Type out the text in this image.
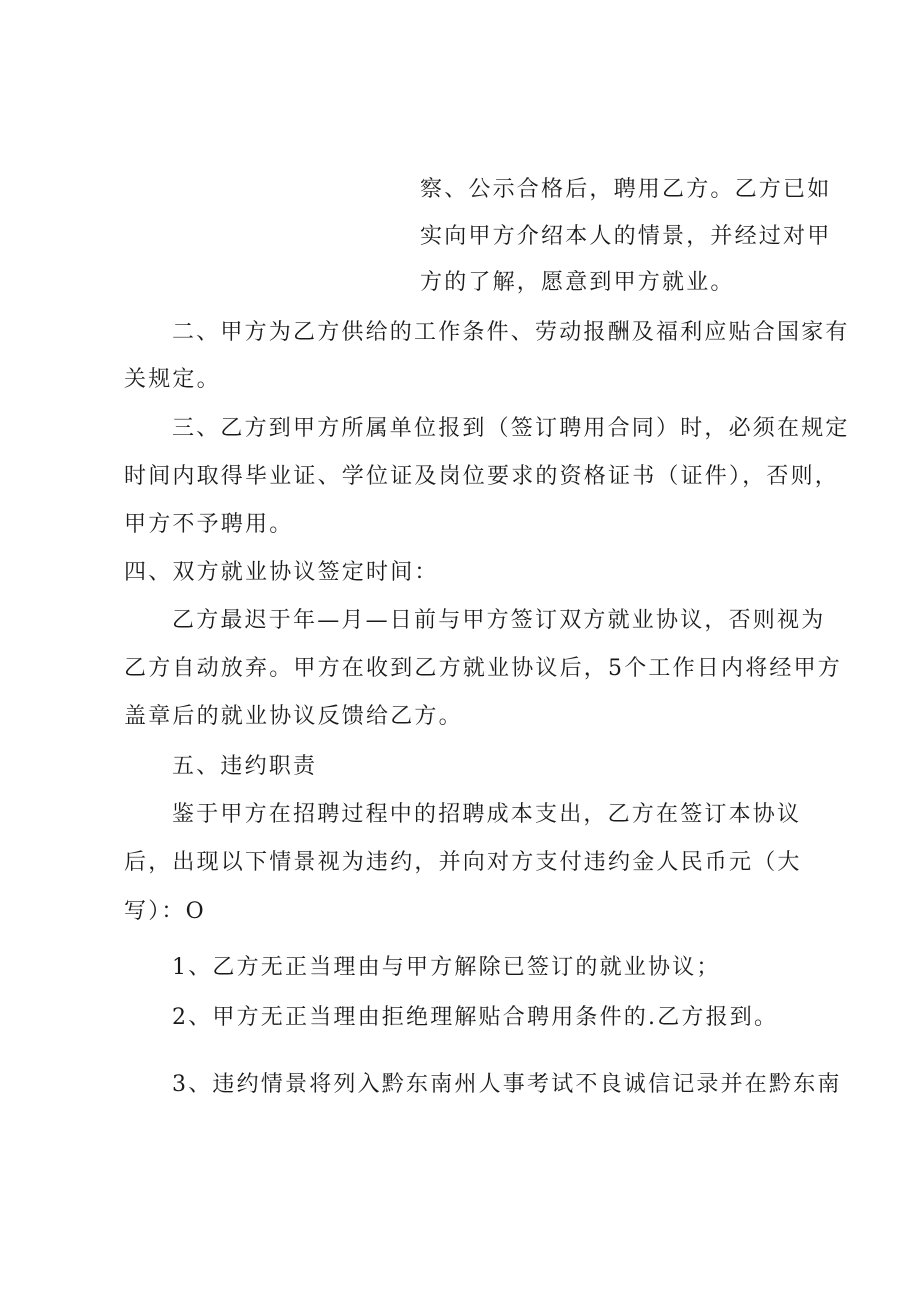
察、公示合格后，聘用乙方。乙方已如

实向甲方介绍本人的情景，并经过对甲

方的了解，愿意到甲方就业。

二、甲方为乙方供给的工作条件、劳动报酬及福利应贴合国家有

关规定。

三、乙方到甲方所属单位报到（签订聘用合同）时，必须在规定

时间内取得毕业证、学位证及岗位要求的资格证书（证件），否则，

甲方不予聘用。

四、双方就业协议签定时间：

乙方最迟于年—月—日前与甲方签订双方就业协议，否则视为

乙方自动放弃。甲方在收到乙方就业协议后，5个工作日内将经甲方

盖章后的就业协议反馈给乙方。

五、违约职责

鉴于甲方在招聘过程中的招聘成本支出，乙方在签订本协议

后，出现以下情景视为违约，并向对方支付违约金人民币元（大

写）：O

1、乙方无正当理由与甲方解除已签订的就业协议；

2、甲方无正当理由拒绝理解贴合聘用条件的.乙方报到。

3、违约情景将列入黔东南州人事考试不良诚信记录并在黔东南
